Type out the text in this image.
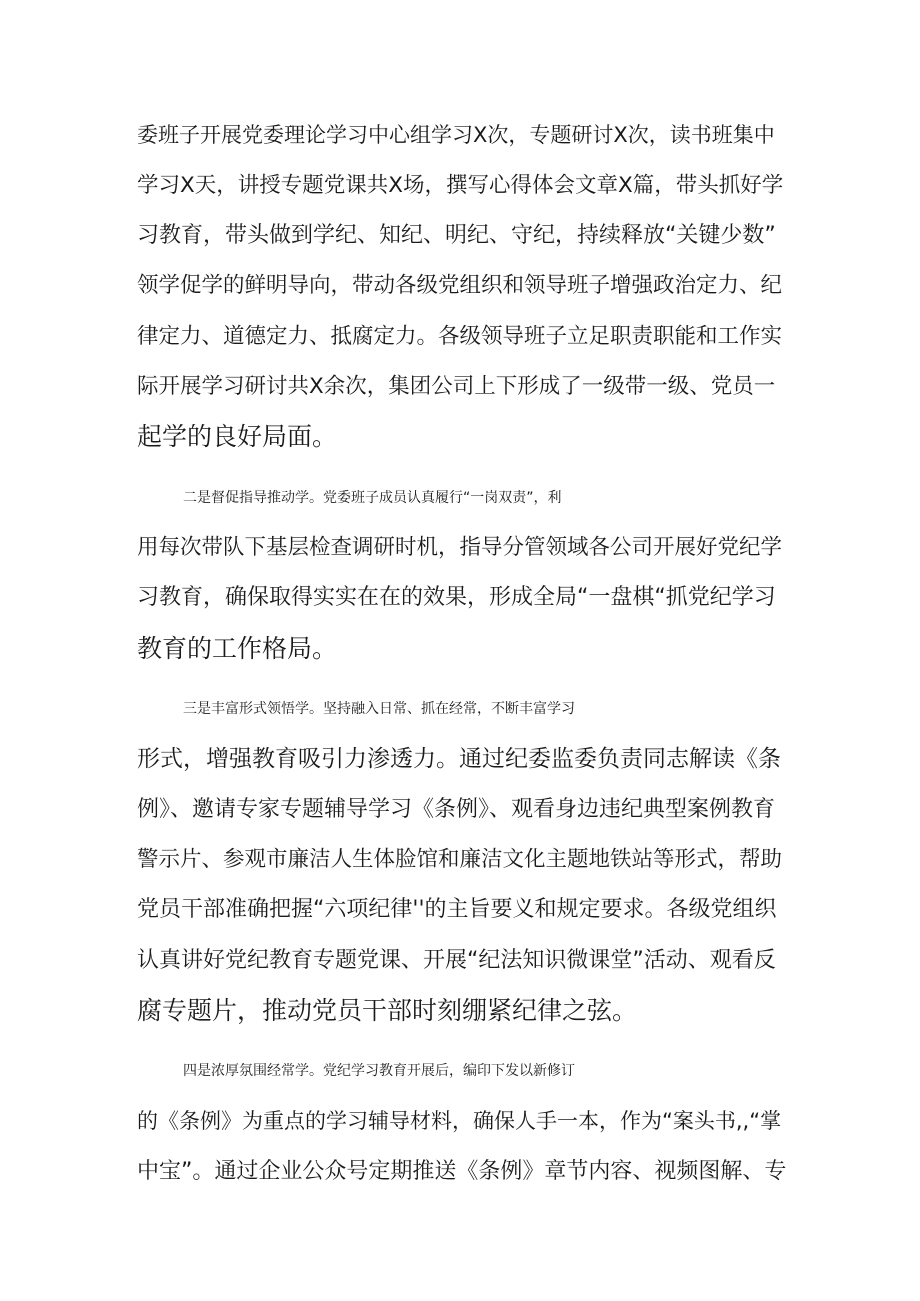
委班子开展党委理论学习中心组学习X次，专题研讨X次，读书班集中

学习X天，讲授专题党课共X场，撰写心得体会文章X篇，带头抓好学

习教育，带头做到学纪、知纪、明纪、守纪，持续释放“关键少数”

领学促学的鲜明导向，带动各级党组织和领导班子增强政治定力、纪

律定力、道德定力、抵腐定力。各级领导班子立足职责职能和工作实

际开展学习研讨共X余次，集团公司上下形成了一级带一级、党员一

起学的良好局面。

二是督促指导推动学。党委班子成员认真履行“一岗双责”，利

用每次带队下基层检查调研时机，指导分管领域各公司开展好党纪学

习教育，确保取得实实在在的效果，形成全局“一盘棋“抓党纪学习

教育的工作格局。

三是丰富形式领悟学。坚持融入日常、抓在经常，不断丰富学习

形式，增强教育吸引力渗透力。通过纪委监委负责同志解读《条

例》、邀请专家专题辅导学习《条例》、观看身边违纪典型案例教育

警示片、参观市廉洁人生体脸馆和廉洁文化主题地铁站等形式，帮助

党员干部准确把握“六项纪律''的主旨要义和规定要求。各级党组织

认真讲好党纪教育专题党课、开展“纪法知识微课堂”活动、观看反

腐专题片，推动党员干部时刻绷紧纪律之弦。

四是浓厚氛围经常学。党纪学习教育开展后，编印下发以新修订

的《条例》为重点的学习辅导材料，确保人手一本，作为“案头书,,“掌

中宝”。通过企业公众号定期推送《条例》章节内容、视频图解、专
